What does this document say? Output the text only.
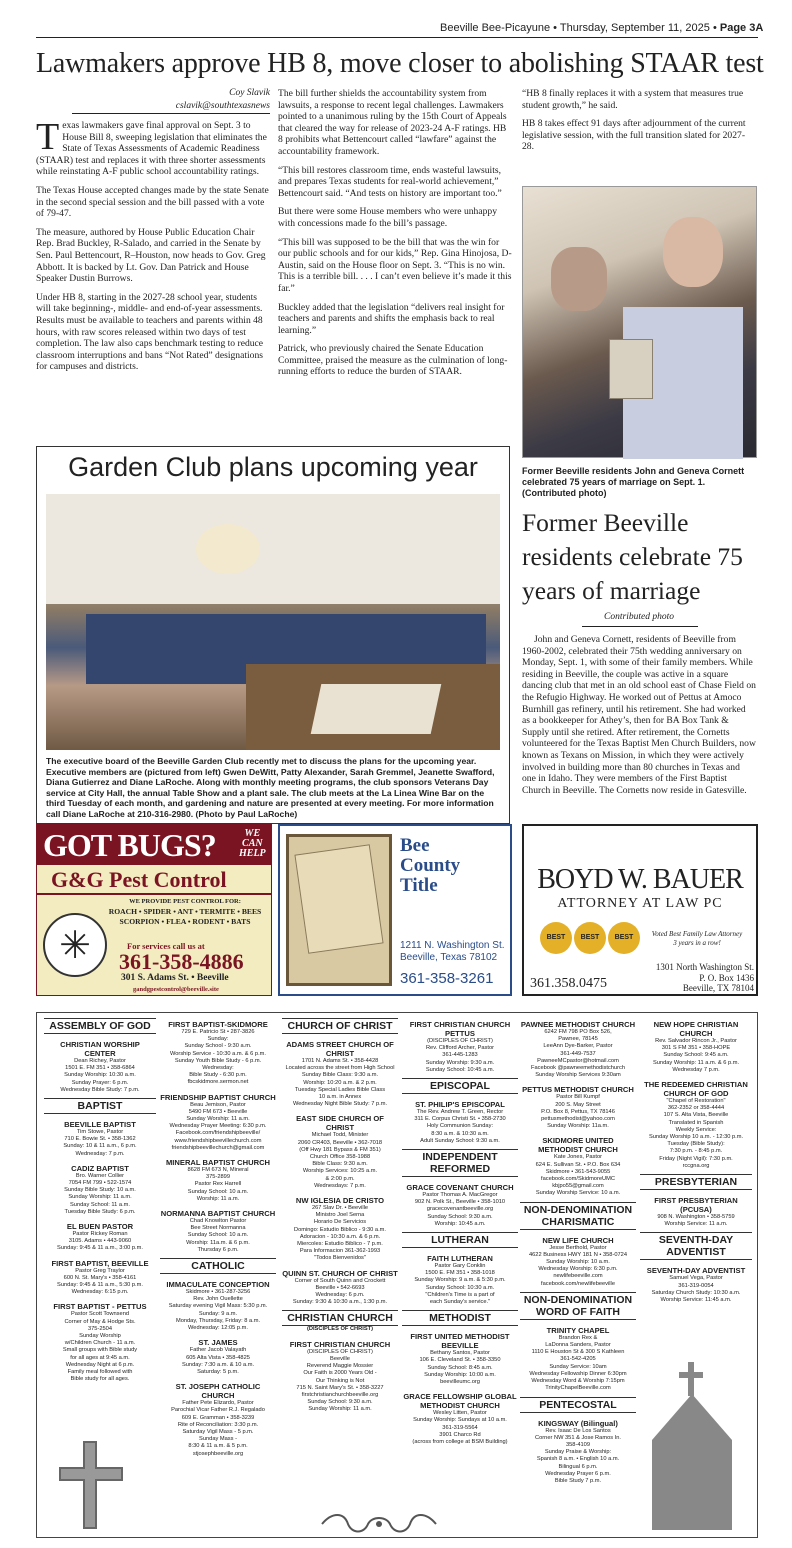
Beeville Bee-Picayune • Thursday, September 11, 2025 • Page 3A
Lawmakers approve HB 8, move closer to abolishing STAAR test
Coy Slavik
cslavik@southtexasnews

Texas lawmakers gave final approval on Sept. 3 to House Bill 8, sweeping legislation that eliminates the State of Texas Assessments of Academic Readiness (STAAR) test and replaces it with three shorter assessments while reinstating A-F public school accountability ratings.

The Texas House accepted changes made by the state Senate in the second special session and the bill passed with a vote of 79-47.

The measure, authored by House Public Education Chair Rep. Brad Buckley, R-Salado, and carried in the Senate by Sen. Paul Bettencourt, R–Houston, now heads to Gov. Greg Abbott. It is backed by Lt. Gov. Dan Patrick and House Speaker Dustin Burrows.

Under HB 8, starting in the 2027-28 school year, students will take beginning-, middle- and end-of-year assessments. Results must be available to teachers and parents within 48 hours, with raw scores released within two days of test completion. The law also caps benchmark testing to reduce classroom interruptions and bans “Not Rated” designations for campuses and districts.

The bill further shields the accountability system from lawsuits, a response to recent legal challenges. Lawmakers pointed to a unanimous ruling by the 15th Court of Appeals that cleared the way for release of 2023-24 A-F ratings. HB 8 prohibits what Bettencourt called “lawfare” against the accountability framework.

“This bill restores classroom time, ends wasteful lawsuits, and prepares Texas students for real-world achievement,” Bettencourt said. “And tests on history are important too.”

But there were some House members who were unhappy with concessions made fo the bill’s passage.

“This bill was supposed to be the bill that was the win for our public schools and for our kids,” Rep. Gina Hinojosa, D-Austin, said on the House floor on Sept. 3. “This is no win. This is a terrible bill. . . . I can’t even believe it’s made it this far.”

Buckley added that the legislation “delivers real insight for teachers and parents and shifts the emphasis back to real learning.”

Patrick, who previously chaired the Senate Education Committee, praised the measure as the culmination of long-running efforts to reduce the burden of STAAR.

“HB 8 finally replaces it with a system that measures true student growth,” he said.

HB 8 takes effect 91 days after adjournment of the current legislative session, with the full transition slated for 2027-28.

Former Beeville residents John and Geneva Cornett celebrated 75 years of marriage on Sept. 1. (Contributed photo)
Former Beeville residents celebrate 75 years of marriage
Contributed photo

John and Geneva Cornett, residents of Beeville from 1960-2002, celebrated their 75th wedding anniversary on Monday, Sept. 1, with some of their family members. While residing in Beeville, the couple was active in a square dancing club that met in an old school east of Chase Field on the Refugio Highway. He worked out of Pettus at Amoco Burnhill gas refinery, until his retirement. She had worked as a bookkeeper for Athey’s, then for BA Box Tank & Supply until she retired. After retirement, the Cornetts volunteered for the Texas Baptist Men Church Builders, now known as Texans on Mission, in which they were actively involved in building more than 80 churches in Texas and one in Idaho. They were members of the First Baptist Church in Beeville. The Cornetts now reside in Gatesville.

Garden Club plans upcoming year
The executive board of the Beeville Garden Club recently met to discuss the plans for the upcoming year. Executive members are (pictured from left) Gwen DeWitt, Patty Alexander, Sarah Gremmel, Jeanette Swafford, Diana Gutierrez and Diane LaRoche. Along with monthly meeting programs, the club sponsors Veterans Day service at City Hall, the annual Table Show and a plant sale. The club meets at the La Linea Wine Bar on the third Tuesday of each month, and gardening and nature are presented at every meeting. For more information call Diane LaRoche at 210-316-2980. (Photo by Paul LaRoche)
GOT BUGS?	WE
CAN
HELP
G&G Pest Control
✳
WE PROVIDE PEST CONTROL FOR:
ROACH • SPIDER • ANT • TERMITE • BEES
SCORPION • FLEA • RODENT • BATS
For services call us at
361-358-4886
301 S. Adams St. • Beeville
gandgpestcontrol@beeville.site
Bee
County
Title
1211 N. Washington St.
Beeville, Texas 78102
361-358-3261
BOYD W. BAUER
ATTORNEY AT LAW PC
BEST	BEST	BEST	Voted Best Family Law Attorney
3 years in a row!
361.358.0475
1301 North Washington St.
P. O. Box 1436
Beeville, TX 78104
ASSEMBLY OF GOD
CHRISTIAN WORSHIP CENTER
Dean Richey, Pastor
1501 E. FM 351 • 358-6864
Sunday Worship: 10:30 a.m.
Sunday Prayer: 6 p.m.
Wednesday Bible Study: 7 p.m.
BAPTIST
BEEVILLE BAPTIST
Tim Stowe, Pastor
710 E. Bowie St. • 358-1362
Sunday: 10 & 11 a.m., 6 p.m.
Wednesday: 7 p.m.
CADIZ BAPTIST
Bro. Warner Collier
7054 FM 799 • 522-1574
Sunday Bible Study: 10 a.m.
Sunday Worship: 11 a.m.
Sunday School: 11 a.m.
Tuesday Bible Study: 6 p.m.
EL BUEN PASTOR
Pastor Rickey Roman
3105. Adams • 443-9060
Sunday: 9:45 & 11 a.m., 3:00 p.m.
FIRST BAPTIST, BEEVILLE
Pastor Greg Traylor
600 N. St. Mary's • 358-4161
Sunday: 9:45 & 11 a.m., 5:30 p.m.
Wednesday: 6:15 p.m.
FIRST BAPTIST - PETTUS
Pastor Scott Townsend
Corner of May & Hodge Sts.
375-2504
Sunday Worship
w/Children Church - 11 a.m.
Small groups with Bible study
for all ages at 9:45 a.m.
Wednesday Night at 6 p.m.
Family meal followed with
Bible study for all ages.
FIRST BAPTIST-SKIDMORE
729 E. Patricio St • 287-3826
Sunday:
Sunday School - 9:30 a.m.
Worship Service - 10:30 a.m. & 6 p.m.
Sunday Youth Bible Study - 6 p.m.
Wednesday:
Bible Study - 6:30 p.m.
fbcskidmore.sermon.net
FRIENDSHIP BAPTIST CHURCH
Beau Jemison, Pastor
5490 FM 673 • Beeville
Sunday Worship: 11 a.m.
Wednesday Prayer Meeting: 6:30 p.m.
Facebook.com/friendshipbeeville/
www.friendshipbeevillechurch.com
friendshipbeevillechurch@gmail.com
MINERAL BAPTIST CHURCH
8628 FM 673 N, Mineral
375-2899
Pastor Rex Harrell
Sunday School: 10 a.m.
Worship: 11 a.m.
NORMANNA BAPTIST CHURCH
Chad Knowlton Pastor
Bee Street Normanna
Sunday School: 10 a.m.
Worship: 11a.m. & 6 p.m.
Thursday 6 p.m.
CATHOLIC
IMMACULATE CONCEPTION
Skidmore • 361-287-3256
Rev. John Ouellette
Saturday evening Vigil Mass: 5:30 p.m.
Sunday: 9 a.m.
Monday, Thursday, Friday: 8 a.m.
Wednesday: 12:05 p.m.
ST. JAMES
Father Jacob Valayath
605 Alta Vista • 358-4825
Sunday: 7:30 a.m. & 10 a.m.
Saturday: 5 p.m.
ST. JOSEPH CATHOLIC CHURCH
Father Pete Elizardo, Pastor
Parochial Vicar Father R.J. Regalado
609 E. Gramman • 358-3239
Rite of Reconciliation: 3:30 p.m.
Saturday Vigil Mass - 5 p.m.
Sunday Mass -
8:30 & 11 a.m. & 5 p.m.
stjosephbeeville.org
CHURCH OF CHRIST
ADAMS STREET CHURCH OF CHRIST
1701 N. Adams St. • 358-4428
Located across the street from High School
Sunday Bible Class: 9:30 a.m.
Worship: 10:20 a.m. & 2 p.m.
Tuesday Special Ladies Bible Class
10 a.m. in Annex
Wednesday Night Bible Study: 7 p.m.
EAST SIDE CHURCH OF CHRIST
Michael Todd, Minister
2060 CR403, Beeville • 362-7018
(Off Hwy 181 Bypass & FM 351)
Church Office 358-1988
Bible Class: 9:30 a.m.
Worship Services: 10:25 a.m.
& 2:00 p.m.
Wednesdays: 7 p.m.
NW IGLESIA DE CRISTO
267 Slav Dr. • Beeville
Ministro Joel Serna
Horario De Servicios
Domingo: Estudio Biblico - 9:30 a.m.
Adoracion - 10:30 a.m. & 6 p.m.
Miercoles: Estudio Biblico - 7 p.m.
Para Informacion 361-362-1993
"Todos Bienvenidos"
QUINN ST. CHURCH OF CHRIST
Corner of South Quinn and Crockett
Beeville • 542-6693
Wednesday: 6 p.m.
Sunday: 9:30 & 10:30 a.m., 1:30 p.m.
CHRISTIAN CHURCH
(DISCIPLES OF CHRIST)
FIRST CHRISTIAN CHURCH
(DISCIPLES OF CHRIST)
Beeville
Reverend Maggie Mossier
Our Faith is 2000 Years Old -
Our Thinking is Not
715 N. Saint Mary's St. • 358-3227
firstchristianchurchbeeville.org
Sunday School: 9:30 a.m.
Sunday Worship: 11 a.m.
FIRST CHRISTIAN CHURCH PETTUS
(DISCIPLES OF CHRIST)
Rev. Clifford Archer, Pastor
361-445-1283
Sunday Worship: 9:30 a.m.
Sunday School: 10:45 a.m.
EPISCOPAL
ST. PHILIP'S EPISCOPAL
The Rev. Andrew T. Green, Rector
311 E. Corpus Christi St. • 358-2730
Holy Communion Sunday:
8:30 a.m. & 10:30 a.m.
Adult Sunday School: 9:30 a.m.
INDEPENDENT REFORMED
GRACE COVENANT CHURCH
Pastor Thomas A. MacGregor
902 N. Polk St., Beeville • 358-1010
gracecovenantbeeville.org
Sunday School: 9:30 a.m.
Worship: 10:45 a.m.
LUTHERAN
FAITH LUTHERAN
Pastor Gary Conklin
1500 E. FM 351 • 358-1018
Sunday Worship: 9 a.m. & 5:30 p.m.
Sunday School: 10:30 a.m.
"Children's Time is a part of
each Sunday's service."
METHODIST
FIRST UNITED METHODIST BEEVILLE
Bethany Santos, Pastor
106 E. Cleveland St. • 358-3350
Sunday School: 8:45 a.m.
Sunday Worship: 10:00 a.m.
beevilleumc.org
GRACE FELLOWSHIP GLOBAL METHODIST CHURCH
Wesley Litten, Pastor
Sunday Worship: Sundays at 10 a.m.
361-319-5564
3901 Charco Rd
(across from college at BSM Building)
PAWNEE METHODIST CHURCH
6242 FM 798 PO Box 526,
Pawnee, 78145
LeeAnn Dye-Barker, Pastor
361-449-7537
PawneeMCpastor@hotmail.com
Facebook @pawneemethodistchurch
Sunday Worship Services 9:30am
PETTUS METHODIST CHURCH
Pastor Bill Kumpf
200 S. May Street
P.O. Box 8, Pettus, TX 78146
pettusmethodist@yahoo.com
Sunday Worship: 11a.m.
SKIDMORE UNITED METHODIST CHURCH
Kate Jones, Pastor
624 E. Sullivan St. • P.O. Box 634
Skidmore • 361-543-9055
facebook.com/SkidmoreUMC
kbjpo55@gmail.com
Sunday Worship Service: 10 a.m.
NON-DENOMINATION CHARISMATIC
NEW LIFE CHURCH
Jesse Berthold, Pastor
4622 Business HWY 181 N • 358-0724
Sunday Worship: 10 a.m.
Wednesday Worship: 6:30 p.m.
newlifebeeville.com
facebook.com/newlifebeeville
NON-DENOMINATION WORD OF FAITH
TRINITY CHAPEL
Brandon Rex &
LaDonna Sanders, Pastor
1110 E Houston St & 300 S Kathleen
361-542-4205
Sunday Service: 10am
Wednesday Fellowship Dinner 6:30pm
Wednesday Word & Worship 7:15pm
TrinityChapelBeeville.com
PENTECOSTAL
KINGSWAY (Bilingual)
Rev. Isaac De Los Santos
Corner NW 351 & Jose Ramos In.
358-4109
Sunday Praise & Worship:
Spanish 8 a.m. • English 10 a.m.
Bilingual 6 p.m.
Wednesday Prayer 6 p.m.
Bible Study 7 p.m.
NEW HOPE CHRISTIAN CHURCH
Rev. Salvador Rincon Jr., Pastor
301 S FM 351 • 358-HOPE
Sunday School: 9:45 a.m.
Sunday Worship: 11 a.m. & 6 p.m.
Wednesday 7 p.m.
THE REDEEMED CHRISTIAN CHURCH OF GOD
"Chapel of Restoration"
362-2352 or 358-4444
107 S. Alta Vista, Beeville
Translated in Spanish
Weekly Service:
Sunday Worship 10 a.m. - 12:30 p.m.
Tuesday (Bible Study):
7:30 p.m. - 8:45 p.m.
Friday (Night Vigil): 7:30 p.m.
rccgna.org
PRESBYTERIAN
FIRST PRESBYTERIAN (PCUSA)
908 N. Washington • 358-5759
Worship Service: 11 a.m.
SEVENTH-DAY ADVENTIST
SEVENTH-DAY ADVENTIST
Samuel Vega, Pastor
361-319-0054
Saturday Church Study: 10:30 a.m.
Worship Service: 11:45 a.m.
